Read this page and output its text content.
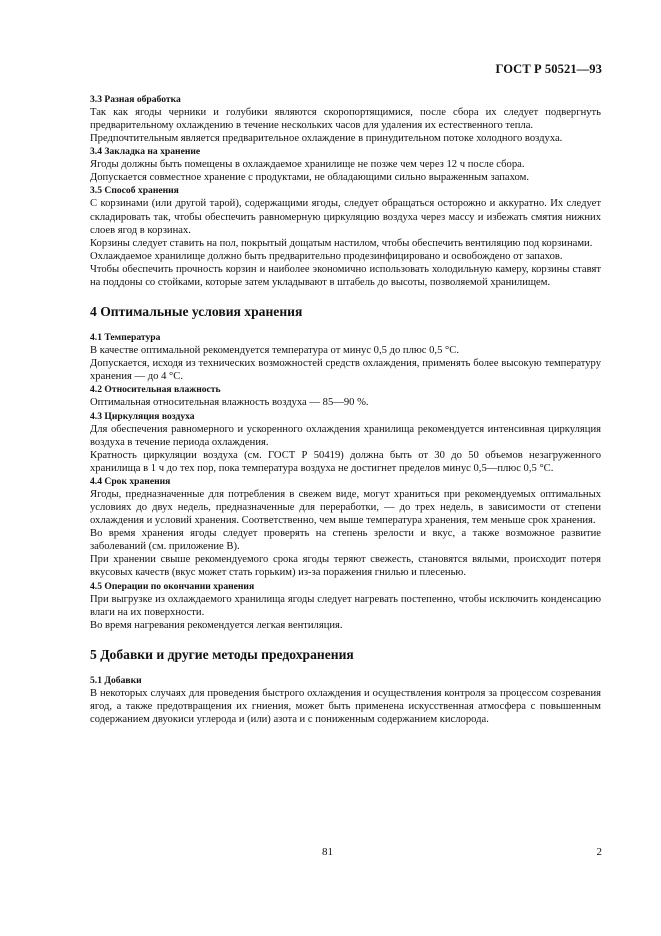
ГОСТ Р 50521—93
3.3 Разная обработка

Так как ягоды черники и голубики являются скоропортящимися, после сбора их следует подвергнуть предварительному охлаждению в течение нескольких часов для удаления их естественного тепла.

Предпочтительным является предварительное охлаждение в принудительном потоке холодного воздуха.

3.4 Закладка на хранение

Ягоды должны быть помещены в охлаждаемое хранилище не позже чем через 12 ч после сбора.

Допускается совместное хранение с продуктами, не обладающими сильно выраженным запахом.

3.5 Способ хранения

С корзинами (или другой тарой), содержащими ягоды, следует обращаться осторожно и аккуратно. Их следует складировать так, чтобы обеспечить равномерную циркуляцию воздуха через массу и избежать смятия нижних слоев ягод в корзинах.

Корзины следует ставить на пол, покрытый дощатым настилом, чтобы обеспечить вентиляцию под корзинами.

Охлаждаемое хранилище должно быть предварительно продезинфицировано и освобождено от запахов.

Чтобы обеспечить прочность корзин и наиболее экономично использовать холодильную камеру, корзины ставят на поддоны со стойками, которые затем укладывают в штабель до высоты, позволяемой хранилищем.

4 Оптимальные условия хранения
4.1 Температура

В качестве оптимальной рекомендуется температура от минус 0,5 до плюс 0,5 °С.

Допускается, исходя из технических возможностей средств охлаждения, применять более высокую температуру хранения — до 4 °С.

4.2 Относительная влажность

Оптимальная относительная влажность воздуха — 85—90 %.

4.3 Циркуляция воздуха

Для обеспечения равномерного и ускоренного охлаждения хранилища рекомендуется интенсивная циркуляция воздуха в течение периода охлаждения.

Кратность циркуляции воздуха (см. ГОСТ Р 50419) должна быть от 30 до 50 объемов незагруженного хранилища в 1 ч до тех пор, пока температура воздуха не достигнет пределов минус 0,5—плюс 0,5 °С.

4.4 Срок хранения

Ягоды, предназначенные для потребления в свежем виде, могут храниться при рекомендуемых оптимальных условиях до двух недель, предназначенные для переработки, — до трех недель, в зависимости от степени охлаждения и условий хранения. Соответственно, чем выше температура хранения, тем меньше срок хранения.

Во время хранения ягоды следует проверять на степень зрелости и вкус, а также возможное развитие заболеваний (см. приложение В).

При хранении свыше рекомендуемого срока ягоды теряют свежесть, становятся вялыми, происходит потеря вкусовых качеств (вкус может стать горьким) из-за поражения гнилью и плесенью.

4.5 Операции по окончании хранения

При выгрузке из охлаждаемого хранилища ягоды следует нагревать постепенно, чтобы исключить конденсацию влаги на их поверхности.

Во время нагревания рекомендуется легкая вентиляция.

5 Добавки и другие методы предохранения
5.1 Добавки

В некоторых случаях для проведения быстрого охлаждения и осуществления контроля за процессом созревания ягод, а также предотвращения их гниения, может быть применена искусственная атмосфера с повышенным содержанием двуокиси углерода и (или) азота и с пониженным содержанием кислорода.

81	2
